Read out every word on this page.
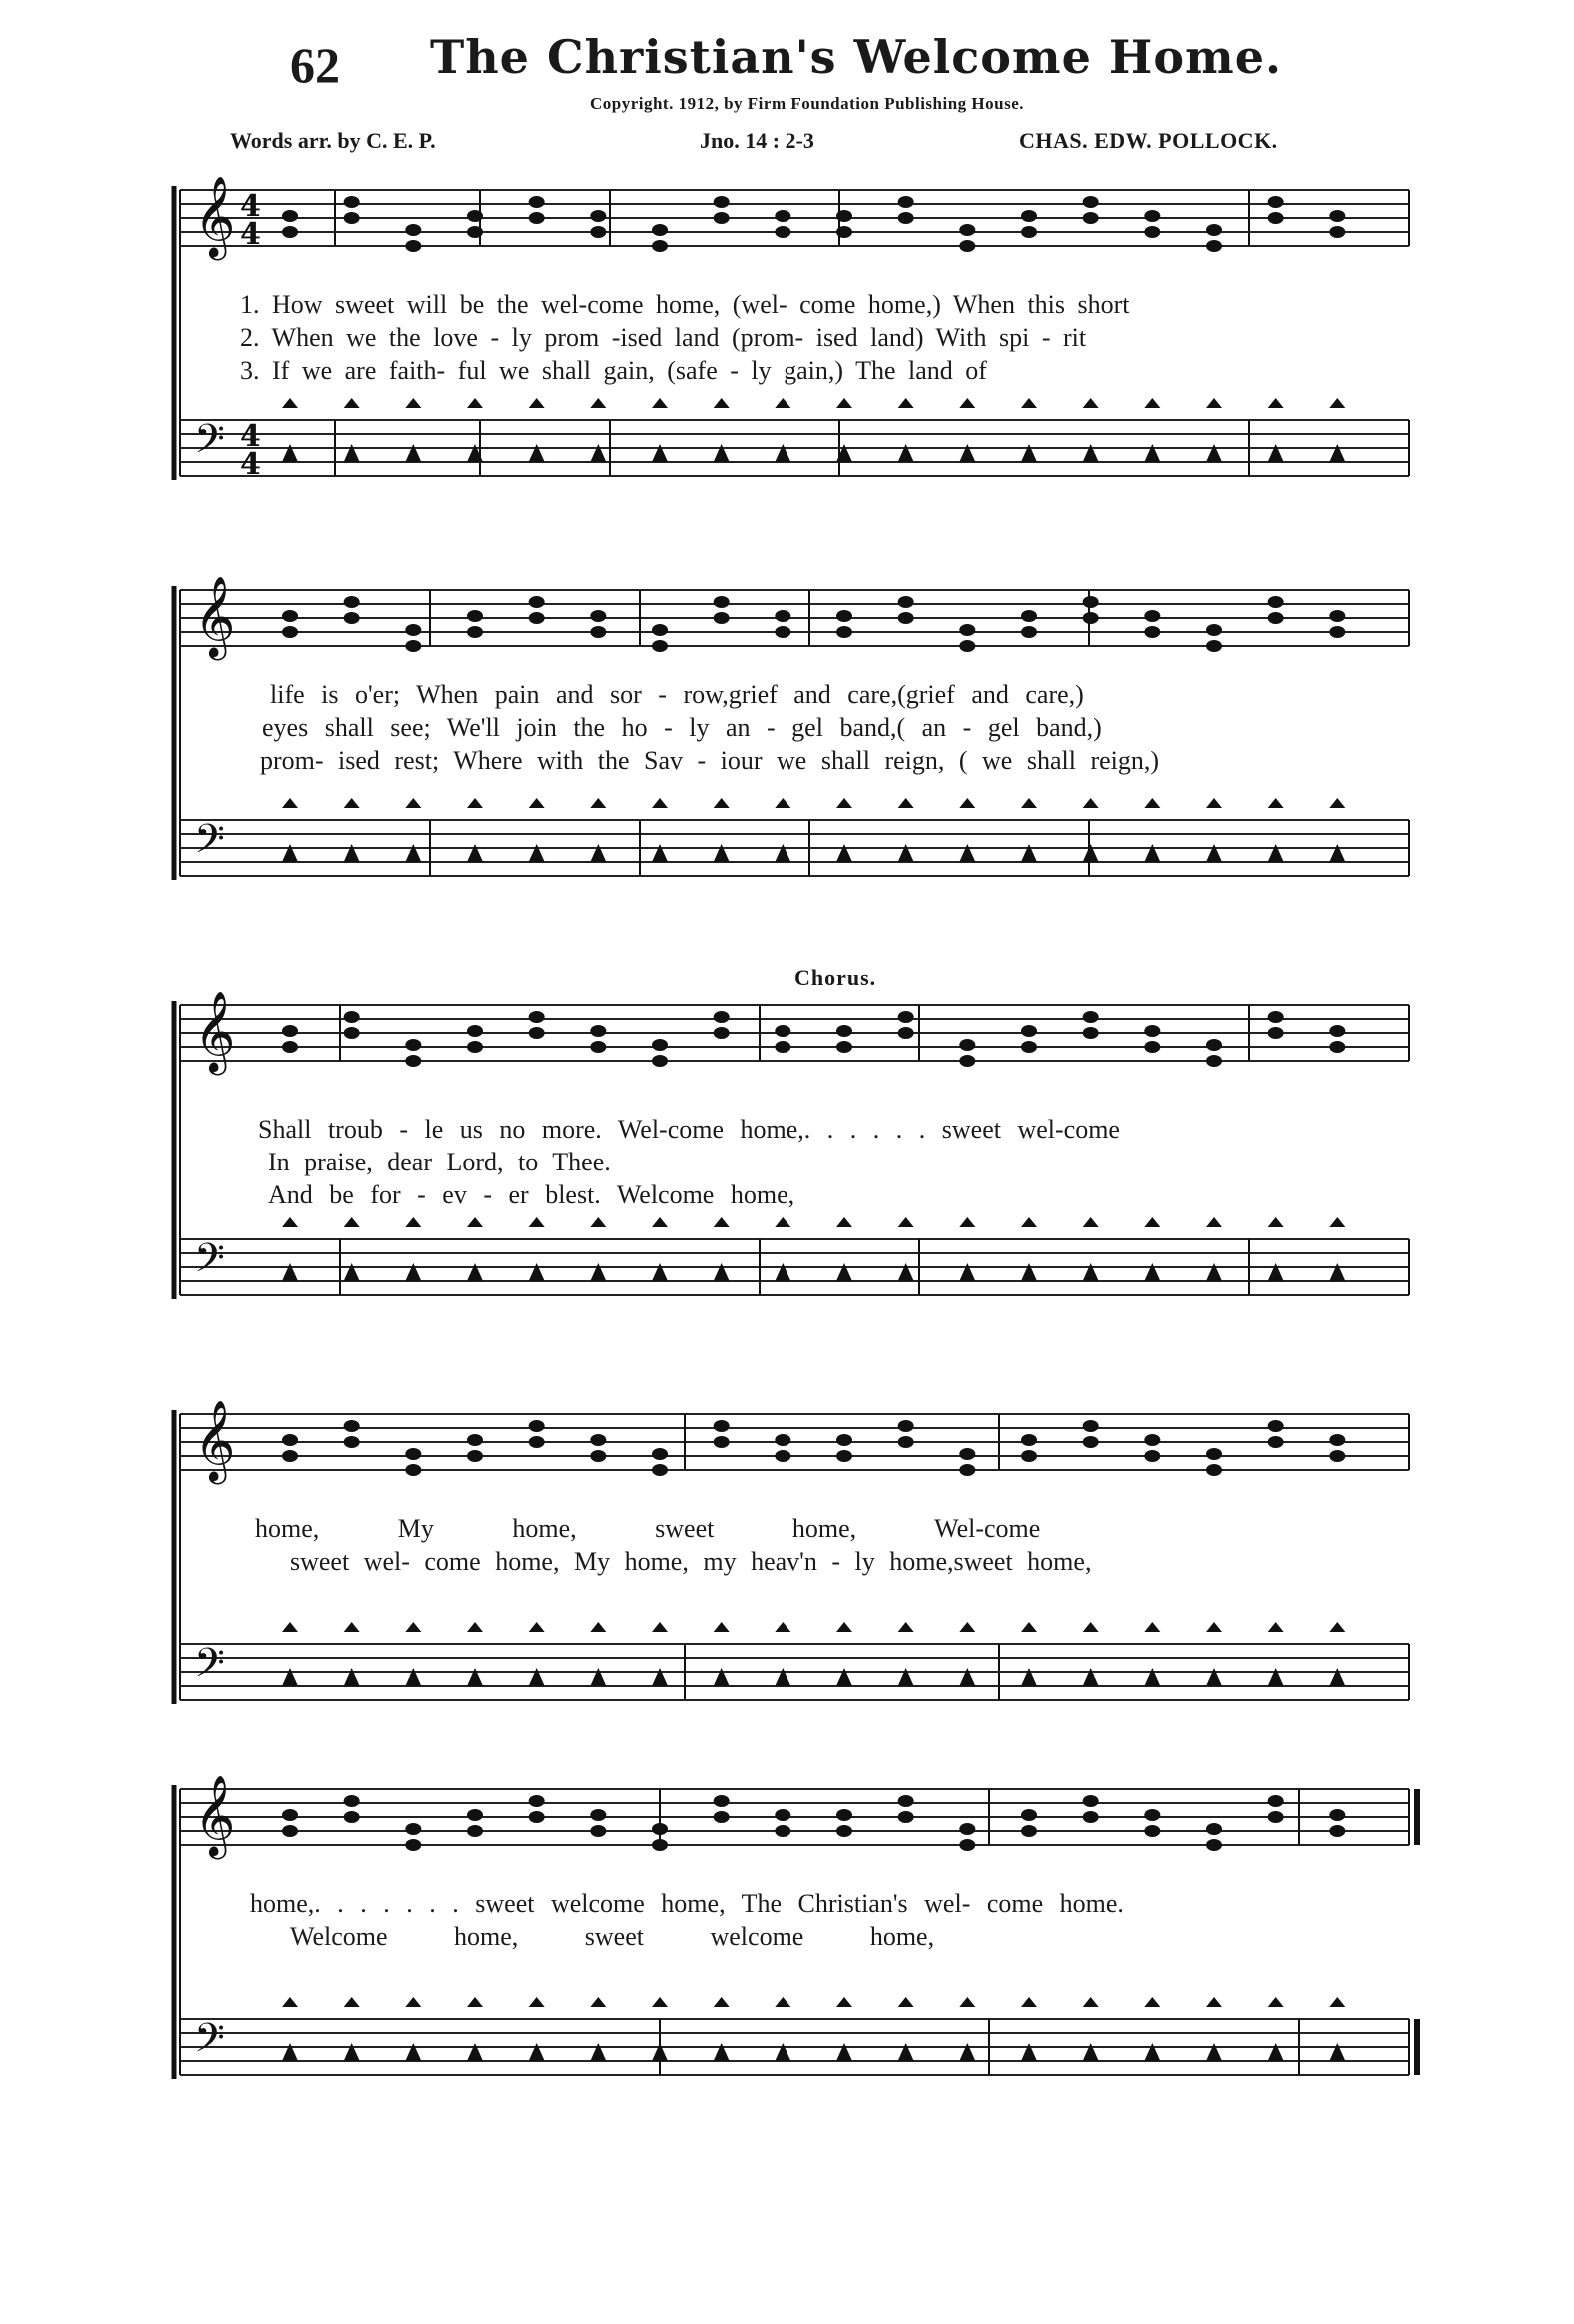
62 The Christian's Welcome Home.
Copyright. 1912, by Firm Foundation Publishing House.
Words arr. by C. E. P.	Jno. 14 : 2-3	CHAS. EDW. POLLOCK.
𝄞 4
4
𝄢 4
4
1. How sweet will be the wel-come home, (wel- come home,) When this short
2. When we the love - ly prom -ised land (prom- ised land) With spi - rit
3. If we are faith- ful we shall gain, (safe - ly gain,) The land of
𝄞
𝄢
life is o'er; When pain and sor - row,grief and care,(grief and care,)
eyes shall see; We'll join the ho - ly an - gel band,( an - gel band,)
prom- ised rest; Where with the Sav - iour we shall reign, ( we shall reign,)
Chorus.
𝄞
𝄢
Shall troub - le us no more. Wel-come home,. . . . . . sweet wel-come
In praise, dear Lord, to Thee.
And be for - ev - er blest. Welcome home,
𝄞
𝄢
home, My home, sweet home, Wel-come
sweet wel- come home, My home, my heav'n - ly home,sweet home,
𝄞
𝄢
home,. . . . . . . sweet welcome home, The Christian's wel- come home.
Welcome home, sweet welcome home,
